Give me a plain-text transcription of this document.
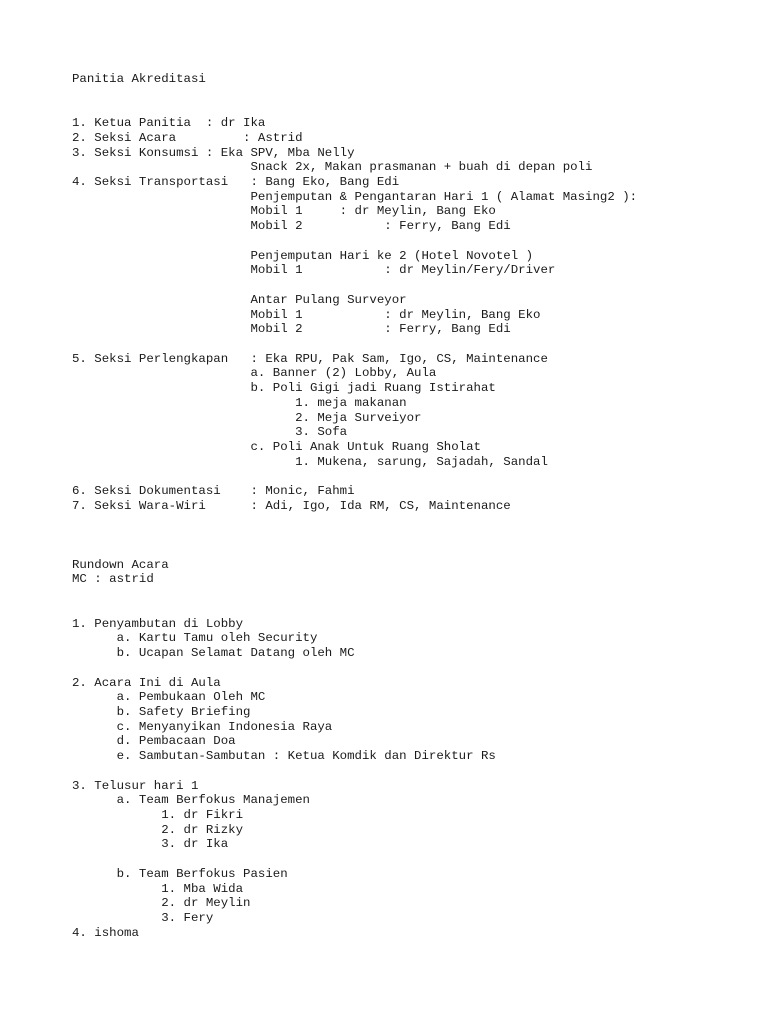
Panitia Akreditasi
1. Ketua Panitia  : dr Ika
2. Seksi Acara         : Astrid
3. Seksi Konsumsi : Eka SPV, Mba Nelly
Snack 2x, Makan prasmanan + buah di depan poli
4. Seksi Transportasi   : Bang Eko, Bang Edi
Penjemputan & Pengantaran Hari 1 ( Alamat Masing2 ):
Mobil 1     : dr Meylin, Bang Eko
Mobil 2           : Ferry, Bang Edi
Penjemputan Hari ke 2 (Hotel Novotel )
Mobil 1           : dr Meylin/Fery/Driver
Antar Pulang Surveyor
Mobil 1           : dr Meylin, Bang Eko
Mobil 2           : Ferry, Bang Edi
5. Seksi Perlengkapan   : Eka RPU, Pak Sam, Igo, CS, Maintenance
a. Banner (2) Lobby, Aula
b. Poli Gigi jadi Ruang Istirahat
1. meja makanan
2. Meja Surveiyor
3. Sofa
c. Poli Anak Untuk Ruang Sholat
1. Mukena, sarung, Sajadah, Sandal
6. Seksi Dokumentasi    : Monic, Fahmi
7. Seksi Wara-Wiri      : Adi, Igo, Ida RM, CS, Maintenance
Rundown Acara
MC : astrid
1. Penyambutan di Lobby
a. Kartu Tamu oleh Security
b. Ucapan Selamat Datang oleh MC
2. Acara Ini di Aula
a. Pembukaan Oleh MC
b. Safety Briefing
c. Menyanyikan Indonesia Raya
d. Pembacaan Doa
e. Sambutan-Sambutan : Ketua Komdik dan Direktur Rs
3. Telusur hari 1
a. Team Berfokus Manajemen
1. dr Fikri
2. dr Rizky
3. dr Ika
b. Team Berfokus Pasien
1. Mba Wida
2. dr Meylin
3. Fery
4. ishoma
